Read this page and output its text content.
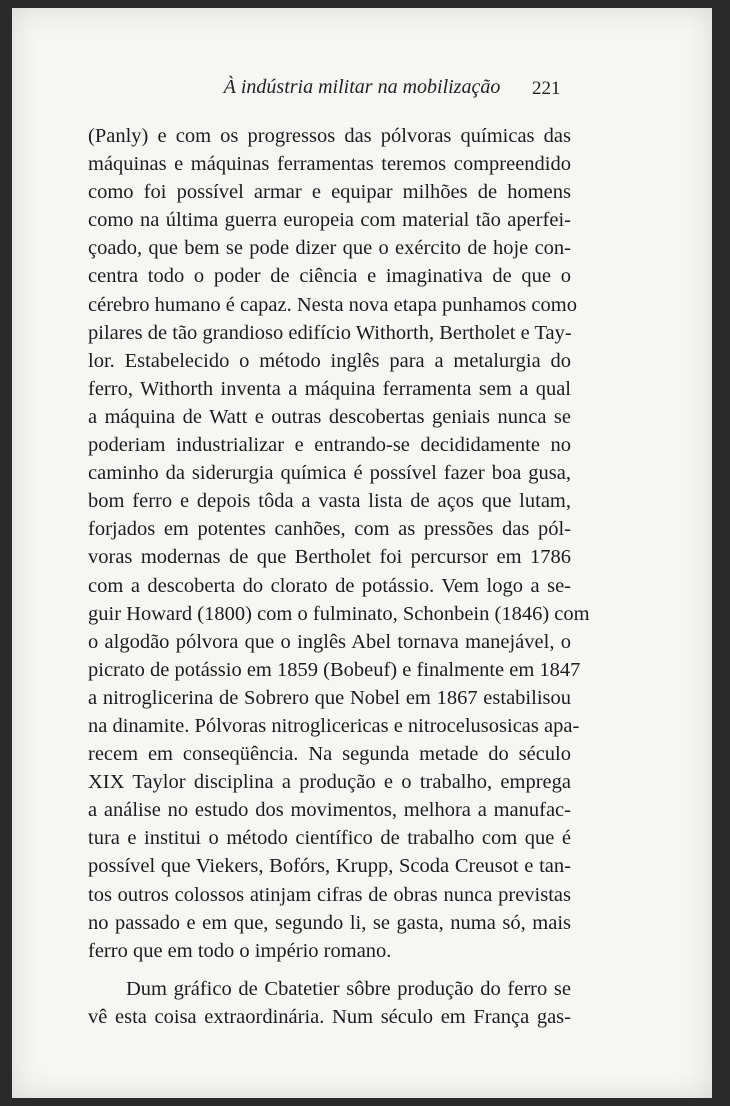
À indústria militar na mobilização	221
(Panly) e com os progressos das pólvoras químicas das
máquinas e máquinas ferramentas teremos compreendido
como foi possível armar e equipar milhões de homens
como na última guerra europeia com material tão aperfei-
çoado, que bem se pode dizer que o exército de hoje con-
centra todo o poder de ciência e imaginativa de que o
cérebro humano é capaz. Nesta nova etapa punhamos como
pilares de tão grandioso edifício Withorth, Bertholet e Tay-
lor. Estabelecido o método inglês para a metalurgia do
ferro, Withorth inventa a máquina ferramenta sem a qual
a máquina de Watt e outras descobertas geniais nunca se
poderiam industrializar e entrando-se decididamente no
caminho da siderurgia química é possível fazer boa gusa,
bom ferro e depois tôda a vasta lista de aços que lutam,
forjados em potentes canhões, com as pressões das pól-
voras modernas de que Bertholet foi percursor em 1786
com a descoberta do clorato de potássio. Vem logo a se-
guir Howard (1800) com o fulminato, Schonbein (1846) com
o algodão pólvora que o inglês Abel tornava manejável, o
picrato de potássio em 1859 (Bobeuf) e finalmente em 1847
a nitroglicerina de Sobrero que Nobel em 1867 estabilisou
na dinamite. Pólvoras nitroglicericas e nitrocelusosicas apa-
recem em conseqüência. Na segunda metade do século
XIX Taylor disciplina a produção e o trabalho, emprega
a análise no estudo dos movimentos, melhora a manufac-
tura e institui o método científico de trabalho com que é
possível que Viekers, Bofórs, Krupp, Scoda Creusot e tan-
tos outros colossos atinjam cifras de obras nunca previstas
no passado e em que, segundo li, se gasta, numa só, mais
ferro que em todo o império romano.
Dum gráfico de Cbatetier sôbre produção do ferro se
vê esta coisa extraordinária. Num século em França gas-
